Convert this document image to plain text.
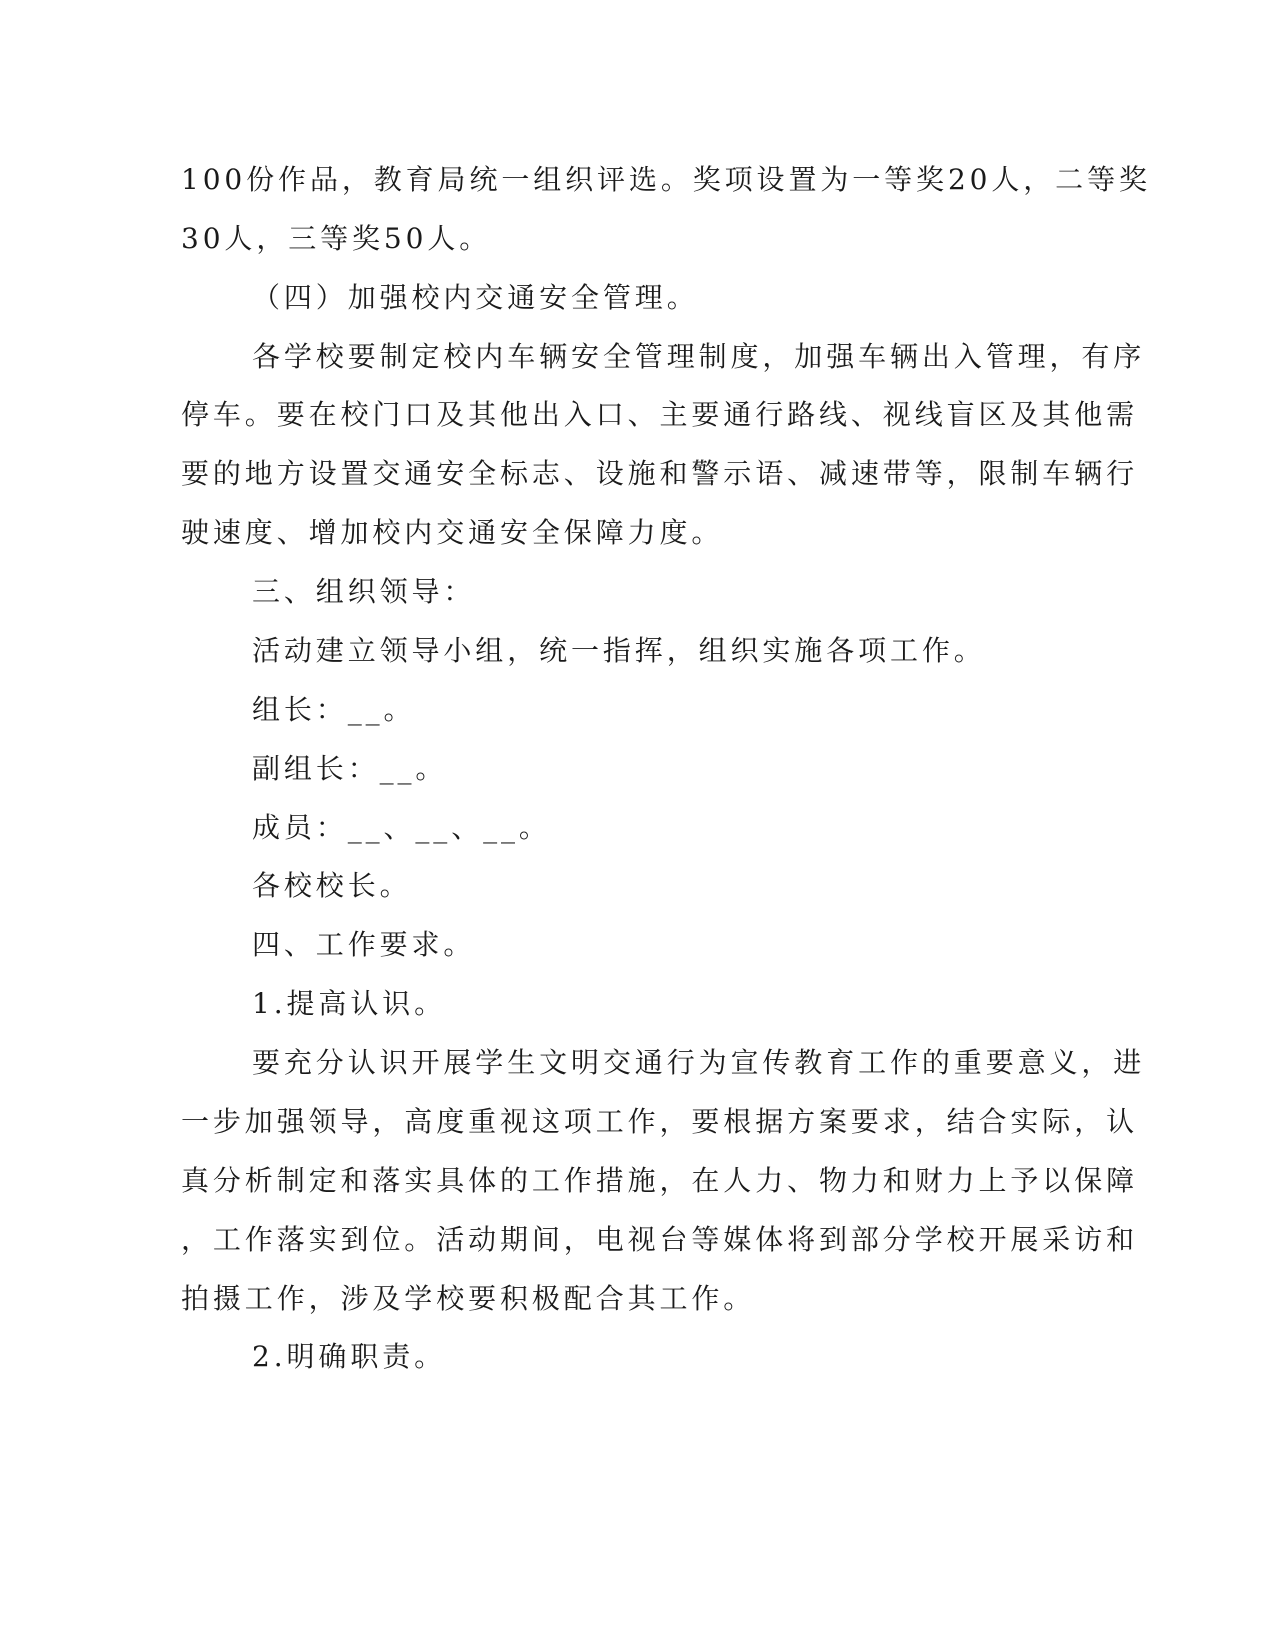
100份作品，教育局统一组织评选。奖项设置为一等奖20人，二等奖
30人，三等奖50人。
（四）加强校内交通安全管理。
各学校要制定校内车辆安全管理制度，加强车辆出入管理，有序
停车。要在校门口及其他出入口、主要通行路线、视线盲区及其他需
要的地方设置交通安全标志、设施和警示语、减速带等，限制车辆行
驶速度、增加校内交通安全保障力度。
三、组织领导：
活动建立领导小组，统一指挥，组织实施各项工作。
组长：__。
副组长：__。
成员：__、__、__。
各校校长。
四、工作要求。
1.提高认识。
要充分认识开展学生文明交通行为宣传教育工作的重要意义，进
一步加强领导，高度重视这项工作，要根据方案要求，结合实际，认
真分析制定和落实具体的工作措施，在人力、物力和财力上予以保障
，工作落实到位。活动期间，电视台等媒体将到部分学校开展采访和
拍摄工作，涉及学校要积极配合其工作。
2.明确职责。
